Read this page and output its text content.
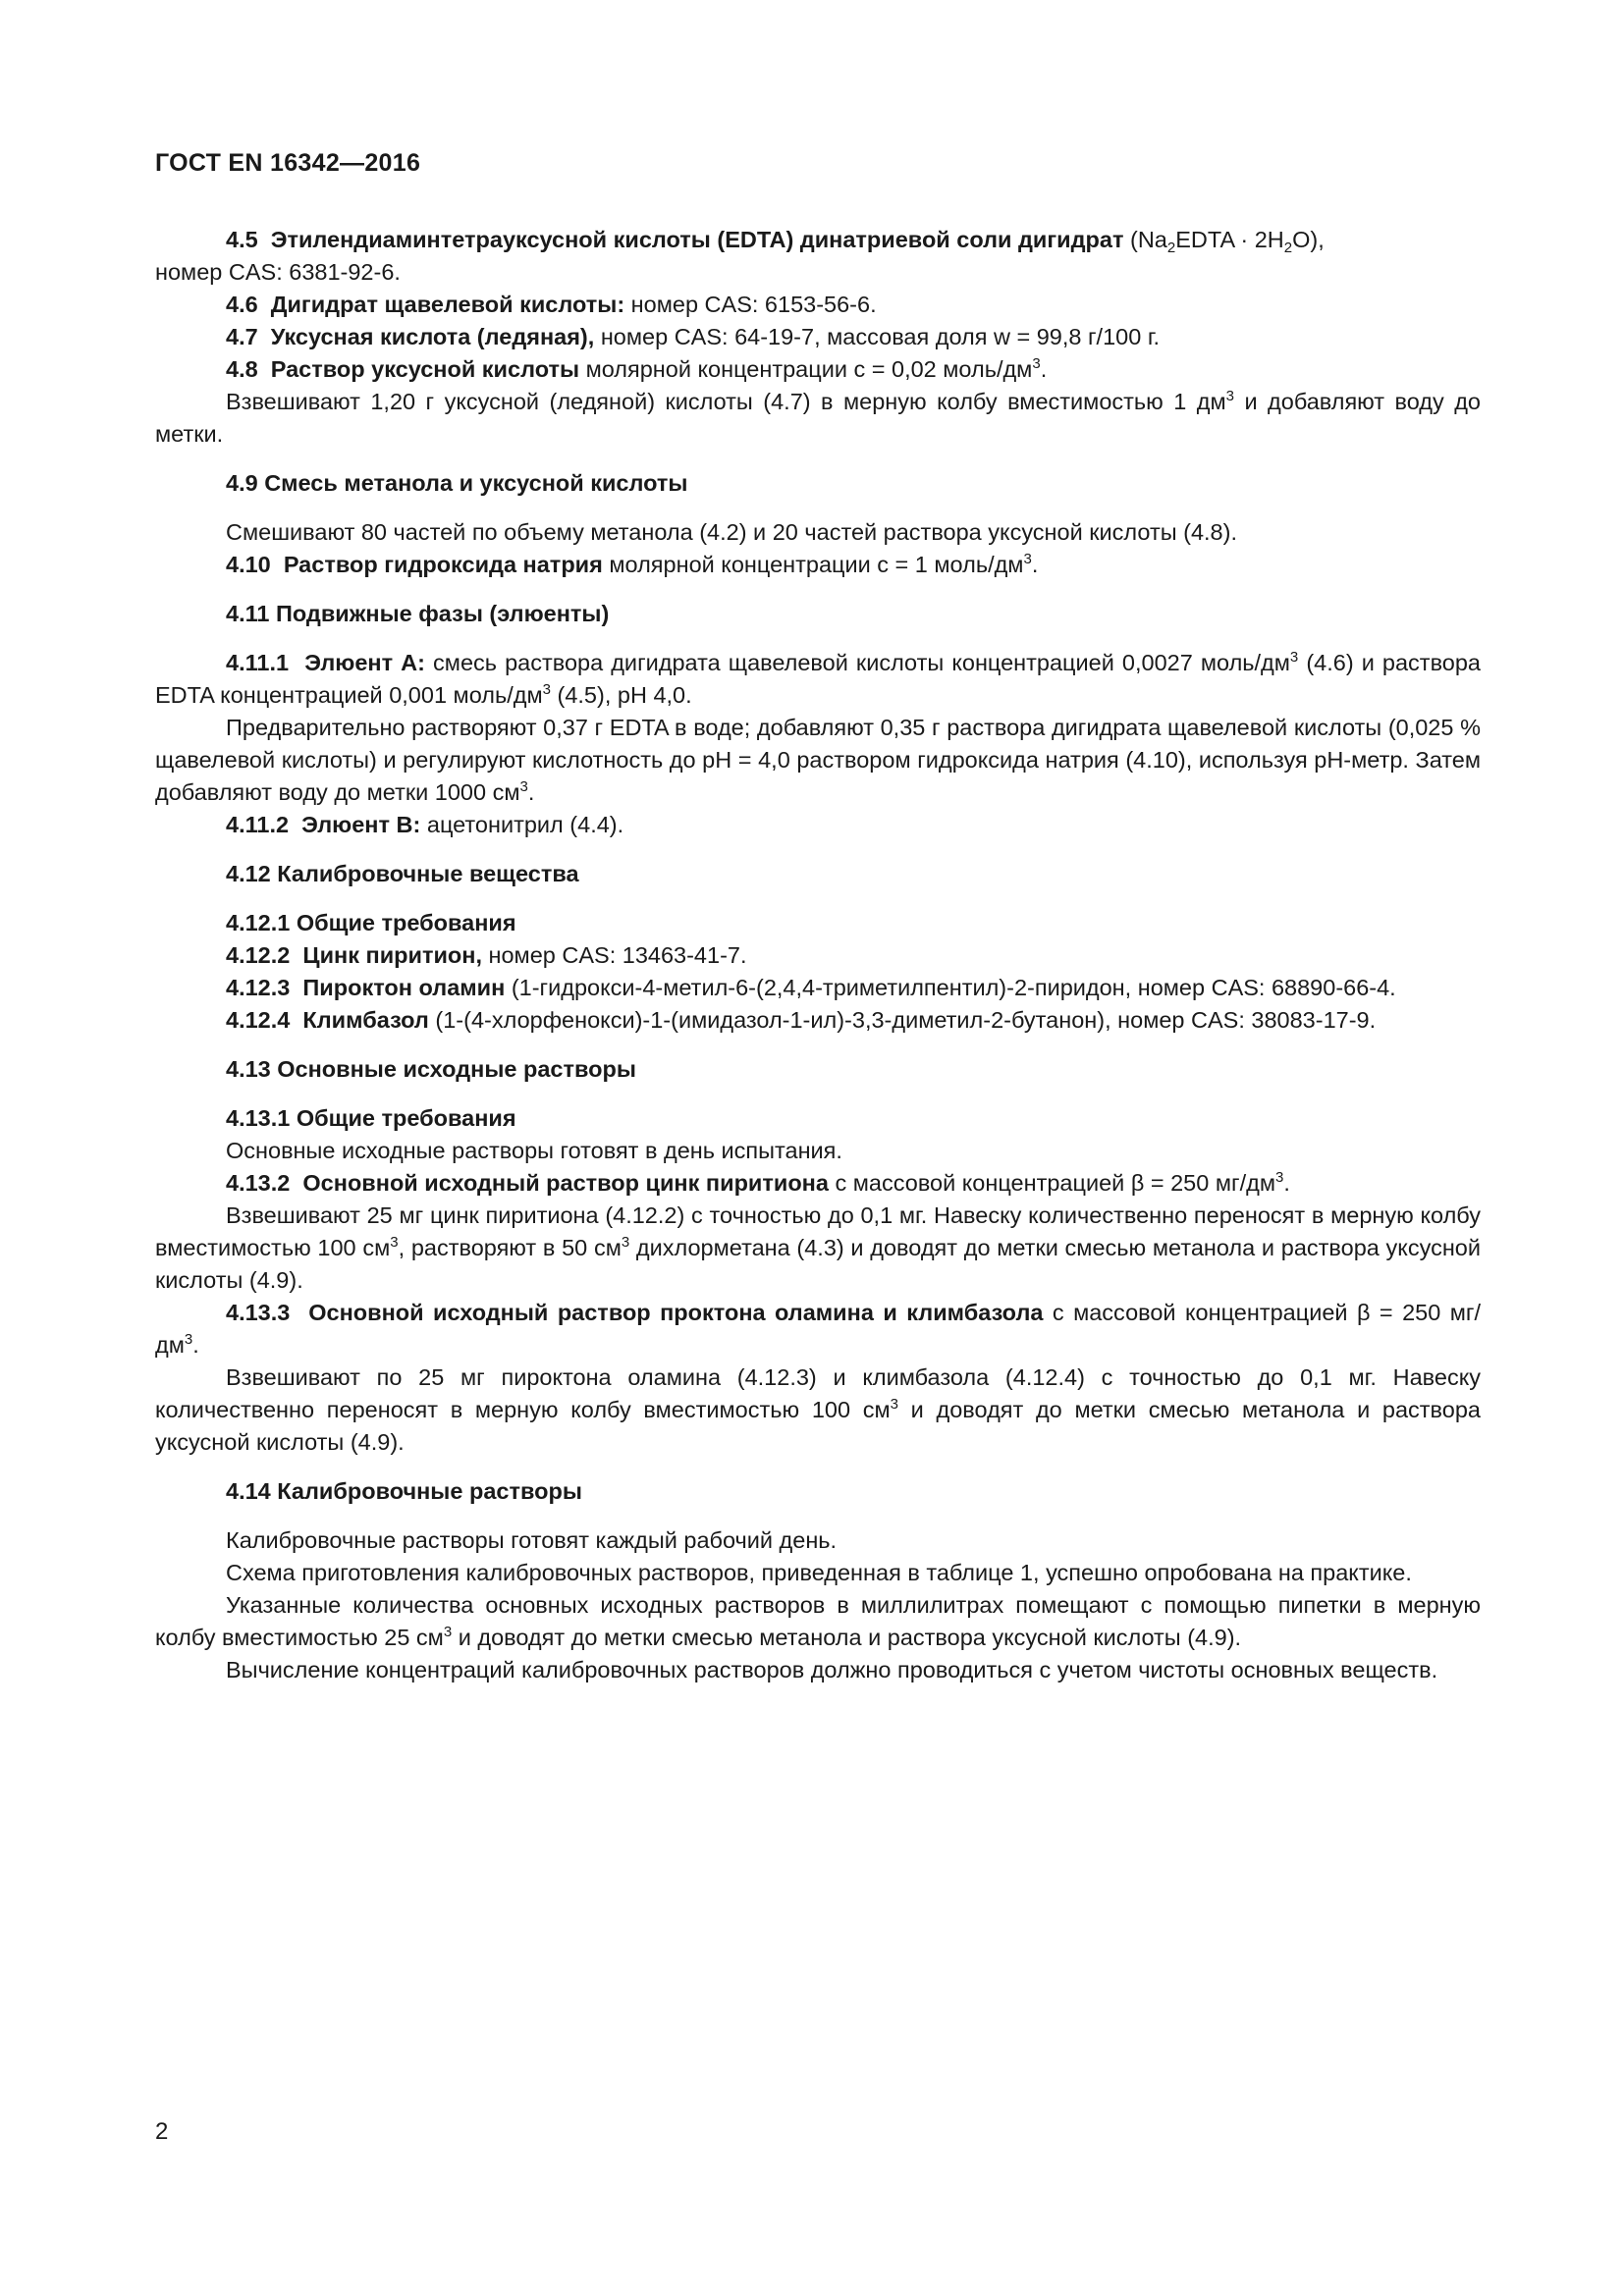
ГОСТ EN 16342—2016

4.5 Этилендиаминтетрауксусной кислоты (EDTA) динатриевой соли дигидрат $(Na_2EDTA \cdot 2H_2O)$,

номер CAS: 6381-92-6.

4.6 Дигидрат щавелевой кислоты: номер CAS: 6153-56-6.

4.7 Уксусная кислота (ледяная), номер CAS: 64-19-7, массовая доля w = 99,8 г/100 г.

4.8 Раствор уксусной кислоты молярной концентрации c = 0,02 моль/$дм^3$.

Взвешивают 1,20 г уксусной (ледяной) кислоты (4.7) в мерную колбу вместимостью 1 $дм^3$ и добавляют воду до метки.

4.9 Смесь метанола и уксусной кислоты

Смешивают 80 частей по объему метанола (4.2) и 20 частей раствора уксусной кислоты (4.8).

4.10 Раствор гидроксида натрия молярной концентрации c = 1 моль/$дм^3$.

4.11 Подвижные фазы (элюенты)

4.11.1 Элюент А: смесь раствора дигидрата щавелевой кислоты концентрацией 0,0027 моль/$дм^3$ (4.6) и раствора EDTA концентрацией 0,001 моль/$дм^3$ (4.5), pH 4,0.

Предварительно растворяют 0,37 г EDTA в воде; добавляют 0,35 г раствора дигидрата щавелевой кислоты (0,025 % щавелевой кислоты) и регулируют кислотность до pH = 4,0 раствором гидроксида натрия (4.10), используя pH-метр. Затем добавляют воду до метки 1000 $см^3$.

4.11.2 Элюент В: ацетонитрил (4.4).

4.12 Калибровочные вещества

4.12.1 Общие требования

4.12.2 Цинк пиритион, номер CAS: 13463-41-7.

4.12.3 Пироктон оламин (1-гидрокси-4-метил-6-(2,4,4-триметилпентил)-2-пиридон, номер CAS: 68890-66-4.

4.12.4 Климбазол (1-(4-хлорфенокси)-1-(имидазол-1-ил)-3,3-диметил-2-бутанон), номер CAS: 38083-17-9.

4.13 Основные исходные растворы

4.13.1 Общие требования

Основные исходные растворы готовят в день испытания.

4.13.2 Основной исходный раствор цинк пиритиона с массовой концентрацией β = 250 $мг/дм^3$.

Взвешивают 25 мг цинк пиритиона (4.12.2) с точностью до 0,1 мг. Навеску количественно переносят в мерную колбу вместимостью 100 $см^3$, растворяют в 50 $см^3$ дихлорметана (4.3) и доводят до метки смесью метанола и раствора уксусной кислоты (4.9).

4.13.3 Основной исходный раствор проктона оламина и климбазола с массовой концентрацией β = 250 $мг/дм^3$.

Взвешивают по 25 мг пироктона оламина (4.12.3) и климбазола (4.12.4) с точностью до 0,1 мг. Навеску количественно переносят в мерную колбу вместимостью 100 $см^3$ и доводят до метки смесью метанола и раствора уксусной кислоты (4.9).

4.14 Калибровочные растворы

Калибровочные растворы готовят каждый рабочий день.

Схема приготовления калибровочных растворов, приведенная в таблице 1, успешно опробована на практике.

Указанные количества основных исходных растворов в миллилитрах помещают с помощью пипетки в мерную колбу вместимостью 25 $см^3$ и доводят до метки смесью метанола и раствора уксусной кислоты (4.9).

Вычисление концентраций калибровочных растворов должно проводиться с учетом чистоты основных веществ.

2
